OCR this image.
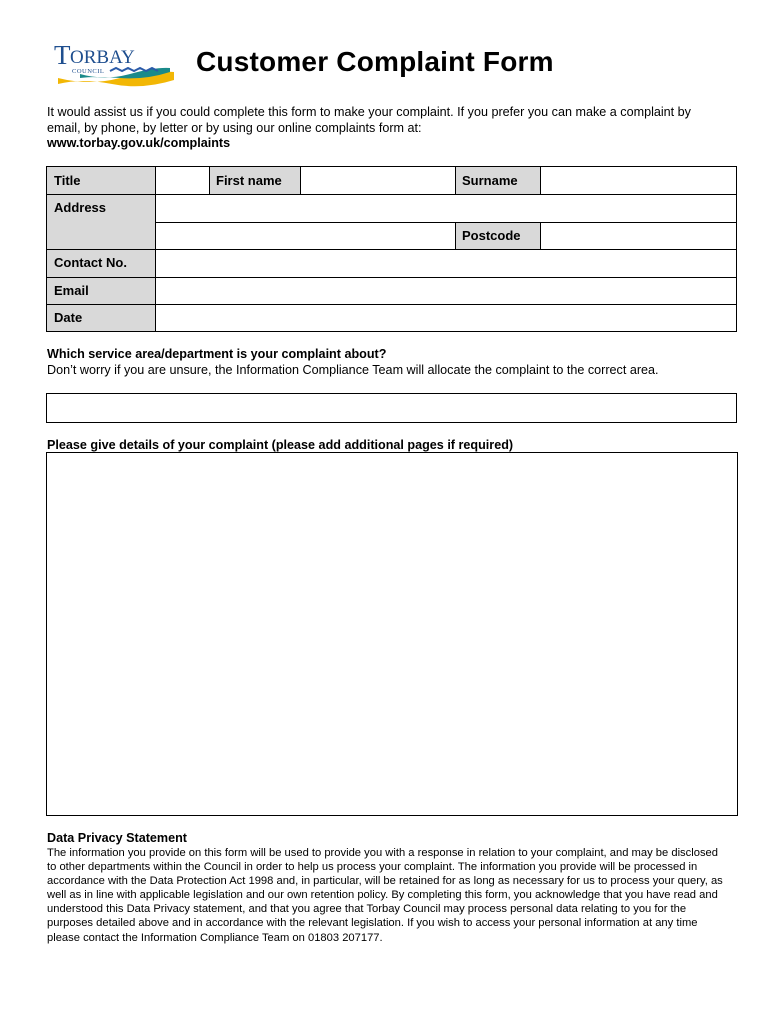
T ORBAY
COUNCIL	Customer Complaint Form
It would assist us if you could complete this form to make your complaint. If you prefer you can make a complaint by email, by phone, by letter or by using our online complaints form at:
www.torbay.gov.uk/complaints
Title	First name	Surname
Address
Postcode
Contact No.
Email
Date
Which service area/department is your complaint about?
Don’t worry if you are unsure, the Information Compliance Team will allocate the complaint to the correct area.
Please give details of your complaint (please add additional pages if required)
Data Privacy Statement
The information you provide on this form will be used to provide you with a response in relation to your complaint, and may be disclosed to other departments within the Council in order to help us process your complaint. The information you provide will be processed in accordance with the Data Protection Act 1998 and, in particular, will be retained for as long as necessary for us to process your query, as well as in line with applicable legislation and our own retention policy. By completing this form, you acknowledge that you have read and understood this Data Privacy statement, and that you agree that Torbay Council may process personal data relating to you for the purposes detailed above and in accordance with the relevant legislation. If you wish to access your personal information at any time please contact the Information Compliance Team on 01803 207177.
